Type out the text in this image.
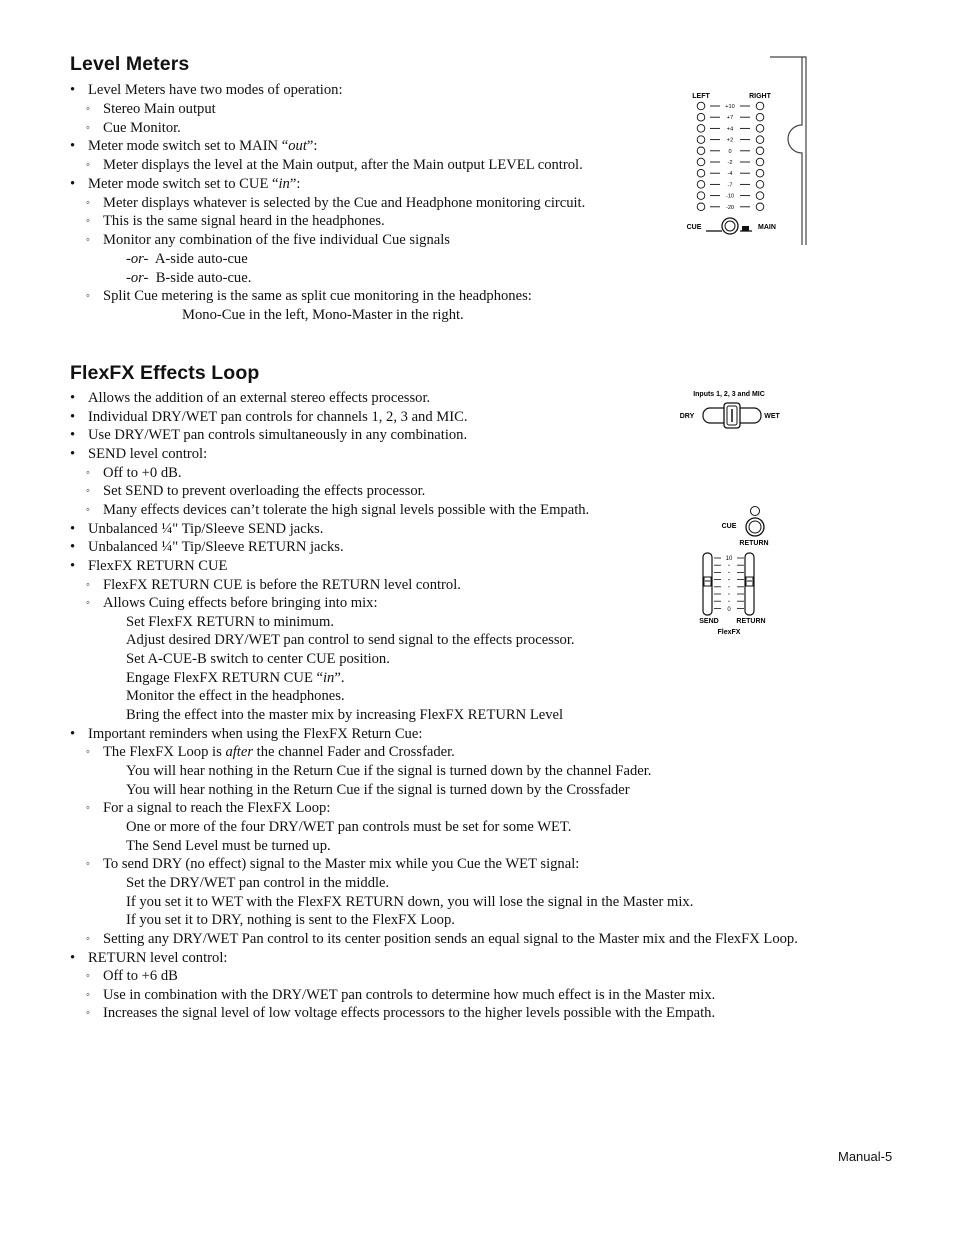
Level Meters
• Level Meters have two modes of operation:
◦ Stereo Main output
◦ Cue Monitor.
• Meter mode switch set to MAIN “out”:
◦ Meter displays the level at the Main output, after the Main output LEVEL control.
• Meter mode switch set to CUE “in”:
◦ Meter displays whatever is selected by the Cue and Headphone monitoring circuit.
◦ This is the same signal heard in the headphones.
◦ Monitor any combination of the five individual Cue signals
-or-  A-side auto-cue
-or-  B-side auto-cue.
◦ Split Cue metering is the same as split cue monitoring in the headphones:
Mono-Cue in the left, Mono-Master in the right.
FlexFX Effects Loop
• Allows the addition of an external stereo effects processor.
• Individual DRY/WET pan controls for channels 1, 2, 3 and MIC.
• Use DRY/WET pan controls simultaneously in any combination.
• SEND level control:
◦ Off to +0 dB.
◦ Set SEND to prevent overloading the effects processor.
◦ Many effects devices can’t tolerate the high signal levels possible with the Empath.
• Unbalanced ¼" Tip/Sleeve SEND jacks.
• Unbalanced ¼" Tip/Sleeve RETURN jacks.
• FlexFX RETURN CUE
◦ FlexFX RETURN CUE is before the RETURN level control.
◦ Allows Cuing effects before bringing into mix:
Set FlexFX RETURN to minimum.
Adjust desired DRY/WET pan control to send signal to the effects processor.
Set A-CUE-B switch to center CUE position.
Engage FlexFX RETURN CUE “in”.
Monitor the effect in the headphones.
Bring the effect into the master mix by increasing FlexFX RETURN Level
• Important reminders when using the FlexFX Return Cue:
◦ The FlexFX Loop is after the channel Fader and Crossfader.
You will hear nothing in the Return Cue if the signal is turned down by the channel Fader.
You will hear nothing in the Return Cue if the signal is turned down by the Crossfader
◦ For a signal to reach the FlexFX Loop:
One or more of the four DRY/WET pan controls must be set for some WET.
The Send Level must be turned up.
◦ To send DRY (no effect) signal to the Master mix while you Cue the WET signal:
Set the DRY/WET pan control in the middle.
If you set it to WET with the FlexFX RETURN down, you will lose the signal in the Master mix.
If you set it to DRY, nothing is sent to the FlexFX Loop.
◦ Setting any DRY/WET Pan control to its center position sends an equal signal to the Master mix and the FlexFX Loop.
• RETURN level control:
◦ Off to +6 dB
◦ Use in combination with the DRY/WET pan controls to determine how much effect is in the Master mix.
◦ Increases the signal level of low voltage effects processors to the higher levels possible with the Empath.
LEFT	RIGHT
+10
+7
+4
+2
0
-2
-4
-7
-10
-20
CUE	MAIN
Inputs 1, 2, 3 and MIC
DRY	WET
CUE
RETURN
10
0
SEND	RETURN
FlexFX
Manual-5
